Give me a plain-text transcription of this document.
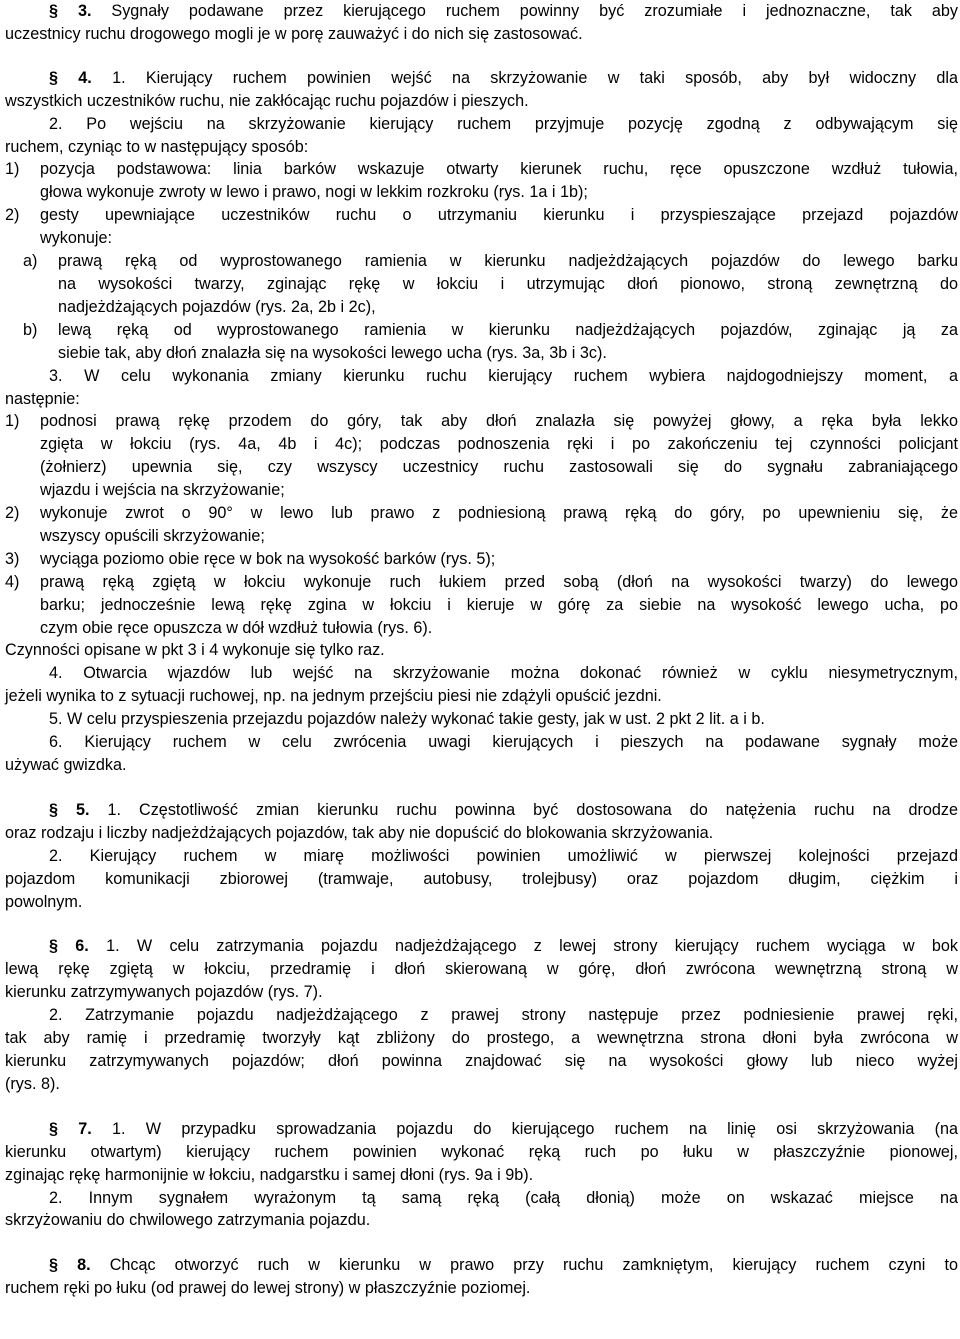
§ 3. Sygnały podawane przez kierującego ruchem powinny być zrozumiałe i jednoznaczne, tak aby

uczestnicy ruchu drogowego mogli je w porę zauważyć i do nich się zastosować.

§ 4. 1. Kierujący ruchem powinien wejść na skrzyżowanie w taki sposób, aby był widoczny dla

wszystkich uczestników ruchu, nie zakłócając ruchu pojazdów i pieszych.

2. Po wejściu na skrzyżowanie kierujący ruchem przyjmuje pozycję zgodną z odbywającym się

ruchem, czyniąc to w następujący sposób:

1)	pozycja podstawowa: linia barków wskazuje otwarty kierunek ruchu, ręce opuszczone wzdłuż tułowia,

głowa wykonuje zwroty w lewo i prawo, nogi w lekkim rozkroku (rys. 1a i 1b);

2)	gesty upewniające uczestników ruchu o utrzymaniu kierunku i przyspieszające przejazd pojazdów

wykonuje:

a)	prawą ręką od wyprostowanego ramienia w kierunku nadjeżdżających pojazdów do lewego barku

na wysokości twarzy, zginając rękę w łokciu i utrzymując dłoń pionowo, stroną zewnętrzną do

nadjeżdżających pojazdów (rys. 2a, 2b i 2c),

b)	lewą ręką od wyprostowanego ramienia w kierunku nadjeżdżających pojazdów, zginając ją za

siebie tak, aby dłoń znalazła się na wysokości lewego ucha (rys. 3a, 3b i 3c).

3. W celu wykonania zmiany kierunku ruchu kierujący ruchem wybiera najdogodniejszy moment, a

następnie:

1)	podnosi prawą rękę przodem do góry, tak aby dłoń znalazła się powyżej głowy, a ręka była lekko

zgięta w łokciu (rys. 4a, 4b i 4c); podczas podnoszenia ręki i po zakończeniu tej czynności policjant

(żołnierz) upewnia się, czy wszyscy uczestnicy ruchu zastosowali się do sygnału zabraniającego

wjazdu i wejścia na skrzyżowanie;

2)	wykonuje zwrot o 90° w lewo lub prawo z podniesioną prawą ręką do góry, po upewnieniu się, że

wszyscy opuścili skrzyżowanie;

3)	wyciąga poziomo obie ręce w bok na wysokość barków (rys. 5);

4)	prawą ręką zgiętą w łokciu wykonuje ruch łukiem przed sobą (dłoń na wysokości twarzy) do lewego

barku; jednocześnie lewą rękę zgina w łokciu i kieruje w górę za siebie na wysokość lewego ucha, po

czym obie ręce opuszcza w dół wzdłuż tułowia (rys. 6).

Czynności opisane w pkt 3 i 4 wykonuje się tylko raz.

4. Otwarcia wjazdów lub wejść na skrzyżowanie można dokonać również w cyklu niesymetrycznym,

jeżeli wynika to z sytuacji ruchowej, np. na jednym przejściu piesi nie zdążyli opuścić jezdni.

5. W celu przyspieszenia przejazdu pojazdów należy wykonać takie gesty, jak w ust. 2 pkt 2 lit. a i b.

6. Kierujący ruchem w celu zwrócenia uwagi kierujących i pieszych na podawane sygnały może

używać gwizdka.

§ 5. 1. Częstotliwość zmian kierunku ruchu powinna być dostosowana do natężenia ruchu na drodze

oraz rodzaju i liczby nadjeżdżających pojazdów, tak aby nie dopuścić do blokowania skrzyżowania.

2. Kierujący ruchem w miarę możliwości powinien umożliwić w pierwszej kolejności przejazd

pojazdom komunikacji zbiorowej (tramwaje, autobusy, trolejbusy) oraz pojazdom długim, ciężkim i

powolnym.

§ 6. 1. W celu zatrzymania pojazdu nadjeżdżającego z lewej strony kierujący ruchem wyciąga w bok

lewą rękę zgiętą w łokciu, przedramię i dłoń skierowaną w górę, dłoń zwrócona wewnętrzną stroną w

kierunku zatrzymywanych pojazdów (rys. 7).

2. Zatrzymanie pojazdu nadjeżdżającego z prawej strony następuje przez podniesienie prawej ręki,

tak aby ramię i przedramię tworzyły kąt zbliżony do prostego, a wewnętrzna strona dłoni była zwrócona w

kierunku zatrzymywanych pojazdów; dłoń powinna znajdować się na wysokości głowy lub nieco wyżej

(rys. 8).

§ 7. 1. W przypadku sprowadzania pojazdu do kierującego ruchem na linię osi skrzyżowania (na

kierunku otwartym) kierujący ruchem powinien wykonać ręką ruch po łuku w płaszczyźnie pionowej,

zginając rękę harmonijnie w łokciu, nadgarstku i samej dłoni (rys. 9a i 9b).

2. Innym sygnałem wyrażonym tą samą ręką (całą dłonią) może on wskazać miejsce na

skrzyżowaniu do chwilowego zatrzymania pojazdu.

§ 8. Chcąc otworzyć ruch w kierunku w prawo przy ruchu zamkniętym, kierujący ruchem czyni to

ruchem ręki po łuku (od prawej do lewej strony) w płaszczyźnie poziomej.
